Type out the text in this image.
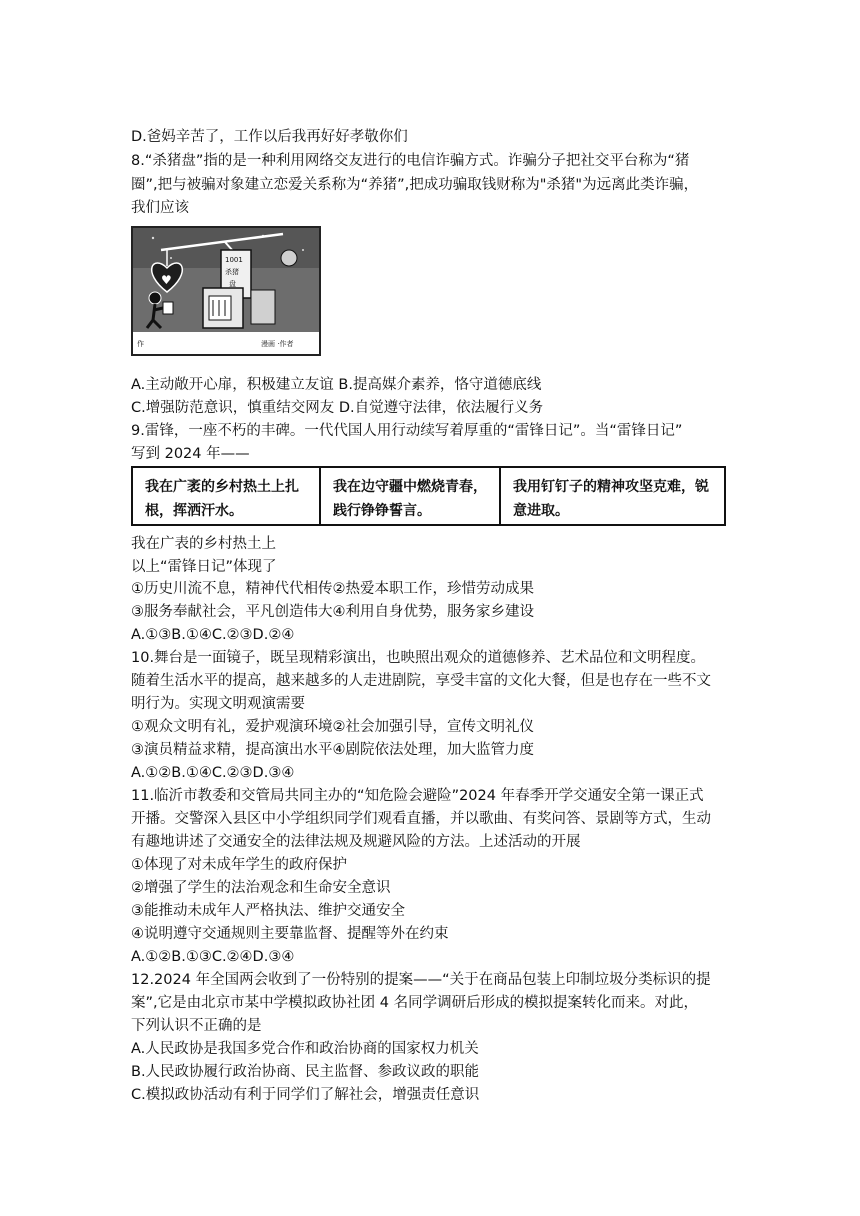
D.爸妈辛苦了，工作以后我再好好孝敬你们
8.“杀猪盘”指的是一种利用网络交友进行的电信诈骗方式。诈骗分子把社交平台称为“猪
圈”,把与被骗对象建立恋爱关系称为“养猪”,把成功骗取钱财称为"杀猪"为远离此类诈骗，
我们应该
♥
1001
杀猪
盘
作	漫画 ·作者
A.主动敞开心扉，积极建立友谊 B.提高媒介素养，恪守道德底线
C.增强防范意识，慎重结交网友 D.自觉遵守法律，依法履行义务
9.雷锋，一座不朽的丰碑。一代代国人用行动续写着厚重的“雷锋日记”。当“雷锋日记”
写到 2024 年——
我在广袤的乡村热土上扎根，挥洒汗水。
我在边守疆中燃烧青春，践行铮铮誓言。
我用钉钉子的精神攻坚克难，锐意进取。
我在广表的乡村热土上
以上“雷锋日记”体现了
①历史川流不息，精神代代相传②热爱本职工作，珍惜劳动成果
③服务奉献社会，平凡创造伟大④利用自身优势，服务家乡建设
A.①③B.①④C.②③D.②④
10.舞台是一面镜子，既呈现精彩演出，也映照出观众的道德修养、艺术品位和文明程度。
随着生活水平的提高，越来越多的人走进剧院，享受丰富的文化大餐，但是也存在一些不文
明行为。实现文明观演需要
①观众文明有礼，爱护观演环境②社会加强引导，宣传文明礼仪
③演员精益求精，提高演出水平④剧院依法处理，加大监管力度
A.①②B.①④C.②③D.③④
11.临沂市教委和交管局共同主办的“知危险会避险”2024 年春季开学交通安全第一课正式
开播。交警深入县区中小学组织同学们观看直播，并以歌曲、有奖问答、景剧等方式，生动
有趣地讲述了交通安全的法律法规及规避风险的方法。上述活动的开展
①体现了对未成年学生的政府保护
②增强了学生的法治观念和生命安全意识
③能推动未成年人严格执法、维护交通安全
④说明遵守交通规则主要靠监督、提醒等外在约束
A.①②B.①③C.②④D.③④
12.2024 年全国两会收到了一份特别的提案——“关于在商品包装上印制垃圾分类标识的提
案”,它是由北京市某中学模拟政协社团 4 名同学调研后形成的模拟提案转化而来。对此，
下列认识不正确的是
A.人民政协是我国多党合作和政治协商的国家权力机关
B.人民政协履行政治协商、民主监督、参政议政的职能
C.模拟政协活动有利于同学们了解社会，增强责任意识
